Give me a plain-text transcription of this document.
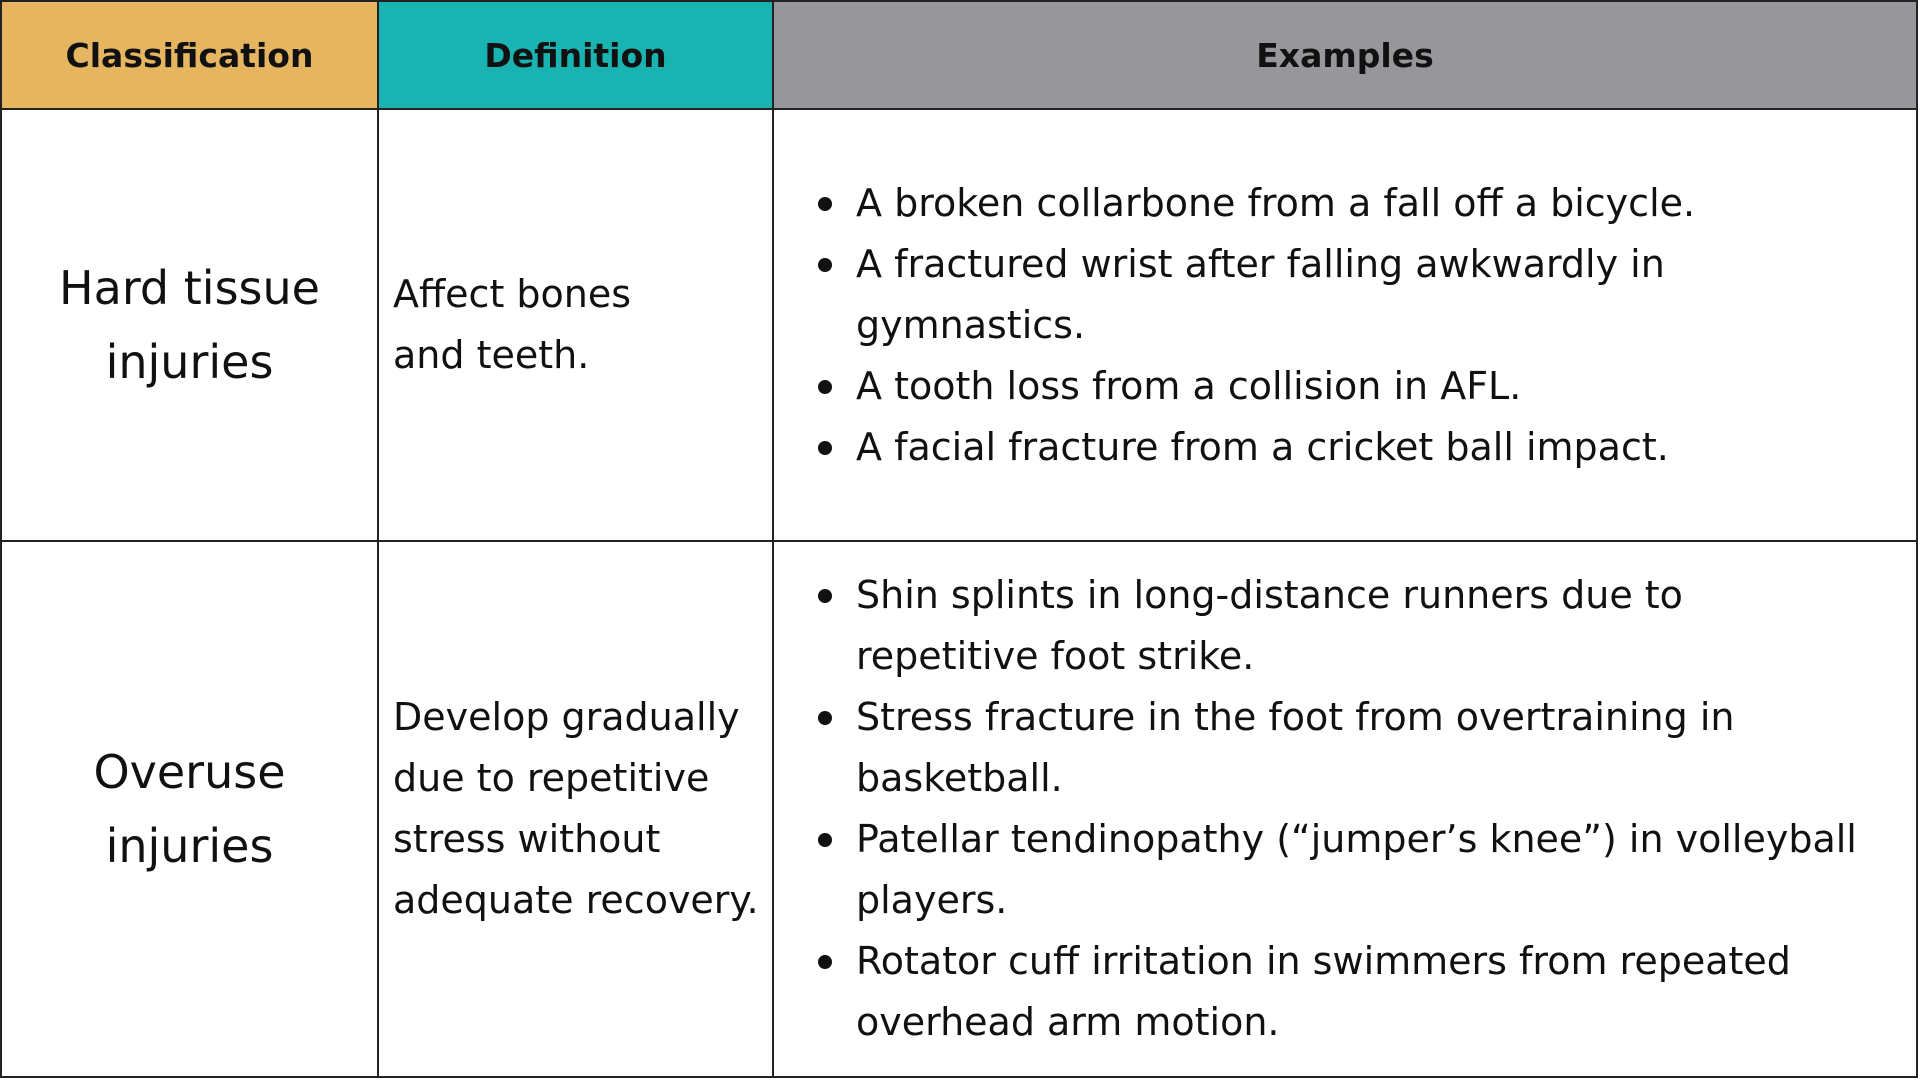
Classification	Definition	Examples
Hard tissue
injuries
Affect bones and teeth.
A broken collarbone from a fall off a bicycle.
A fractured wrist after falling awkwardly in gymnastics.
A tooth loss from a collision in AFL.
A facial fracture from a cricket ball impact.
Overuse
injuries
Develop gradually due to repetitive stress without adequate recovery.
Shin splints in long-distance runners due to repetitive foot strike.
Stress fracture in the foot from overtraining in basketball.
Patellar tendinopathy (“jumper’s knee”) in volleyball players.
Rotator cuff irritation in swimmers from repeated overhead arm motion.
